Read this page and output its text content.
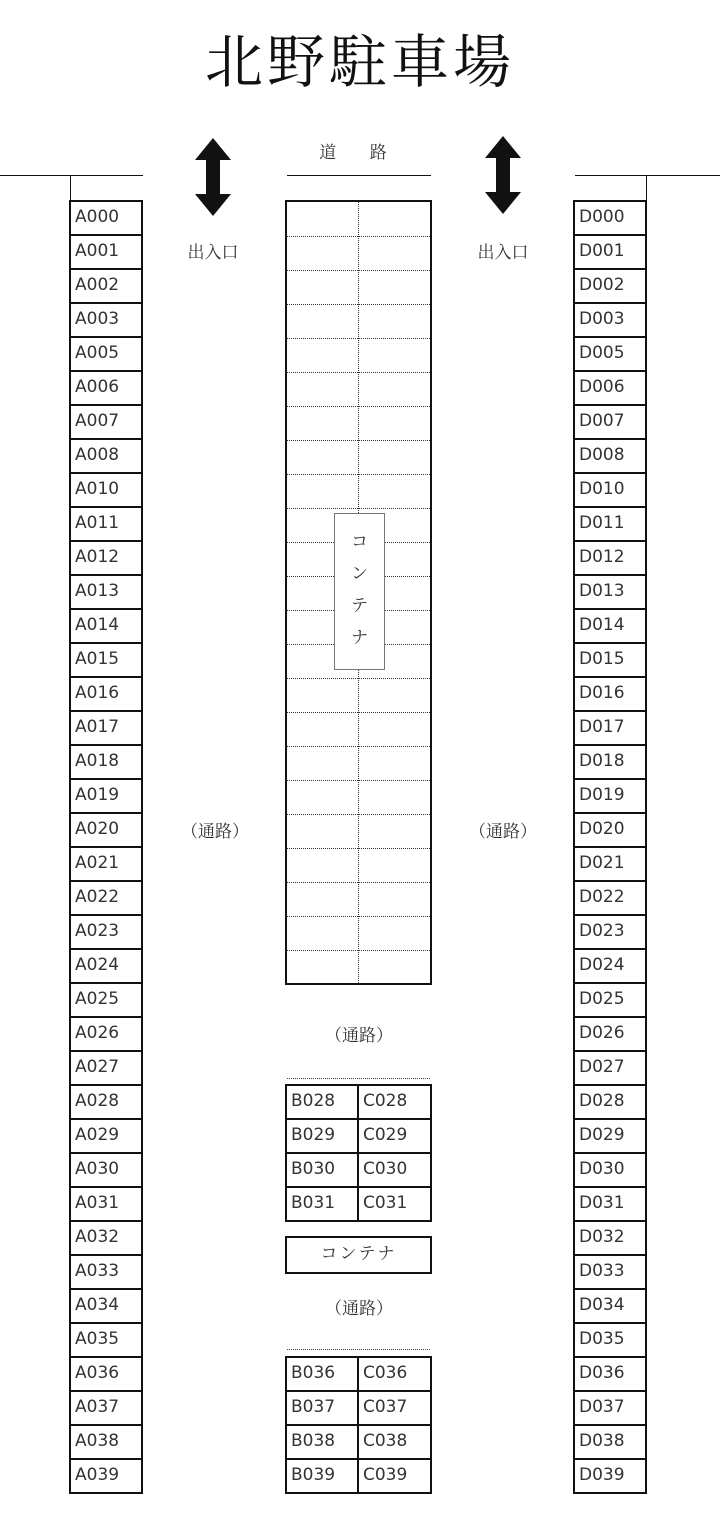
北野駐車場
道 路
出入口	出入口
（通路）	（通路）
（通路）
（通路）
A000
A001
A002
A003
A005
A006
A007
A008
A010
A011
A012
A013
A014
A015
A016
A017
A018
A019
A020
A021
A022
A023
A024
A025
A026
A027
A028
A029
A030
A031
A032
A033
A034
A035
A036
A037
A038
A039
D000
D001
D002
D003
D005
D006
D007
D008
D010
D011
D012
D013
D014
D015
D016
D017
D018
D019
D020
D021
D022
D023
D024
D025
D026
D027
D028
D029
D030
D031
D032
D033
D034
D035
D036
D037
D038
D039
コ
ン
テ
ナ
B028	C028
B029	C029
B030	C030
B031	C031
コンテナ
B036	C036
B037	C037
B038	C038
B039	C039
